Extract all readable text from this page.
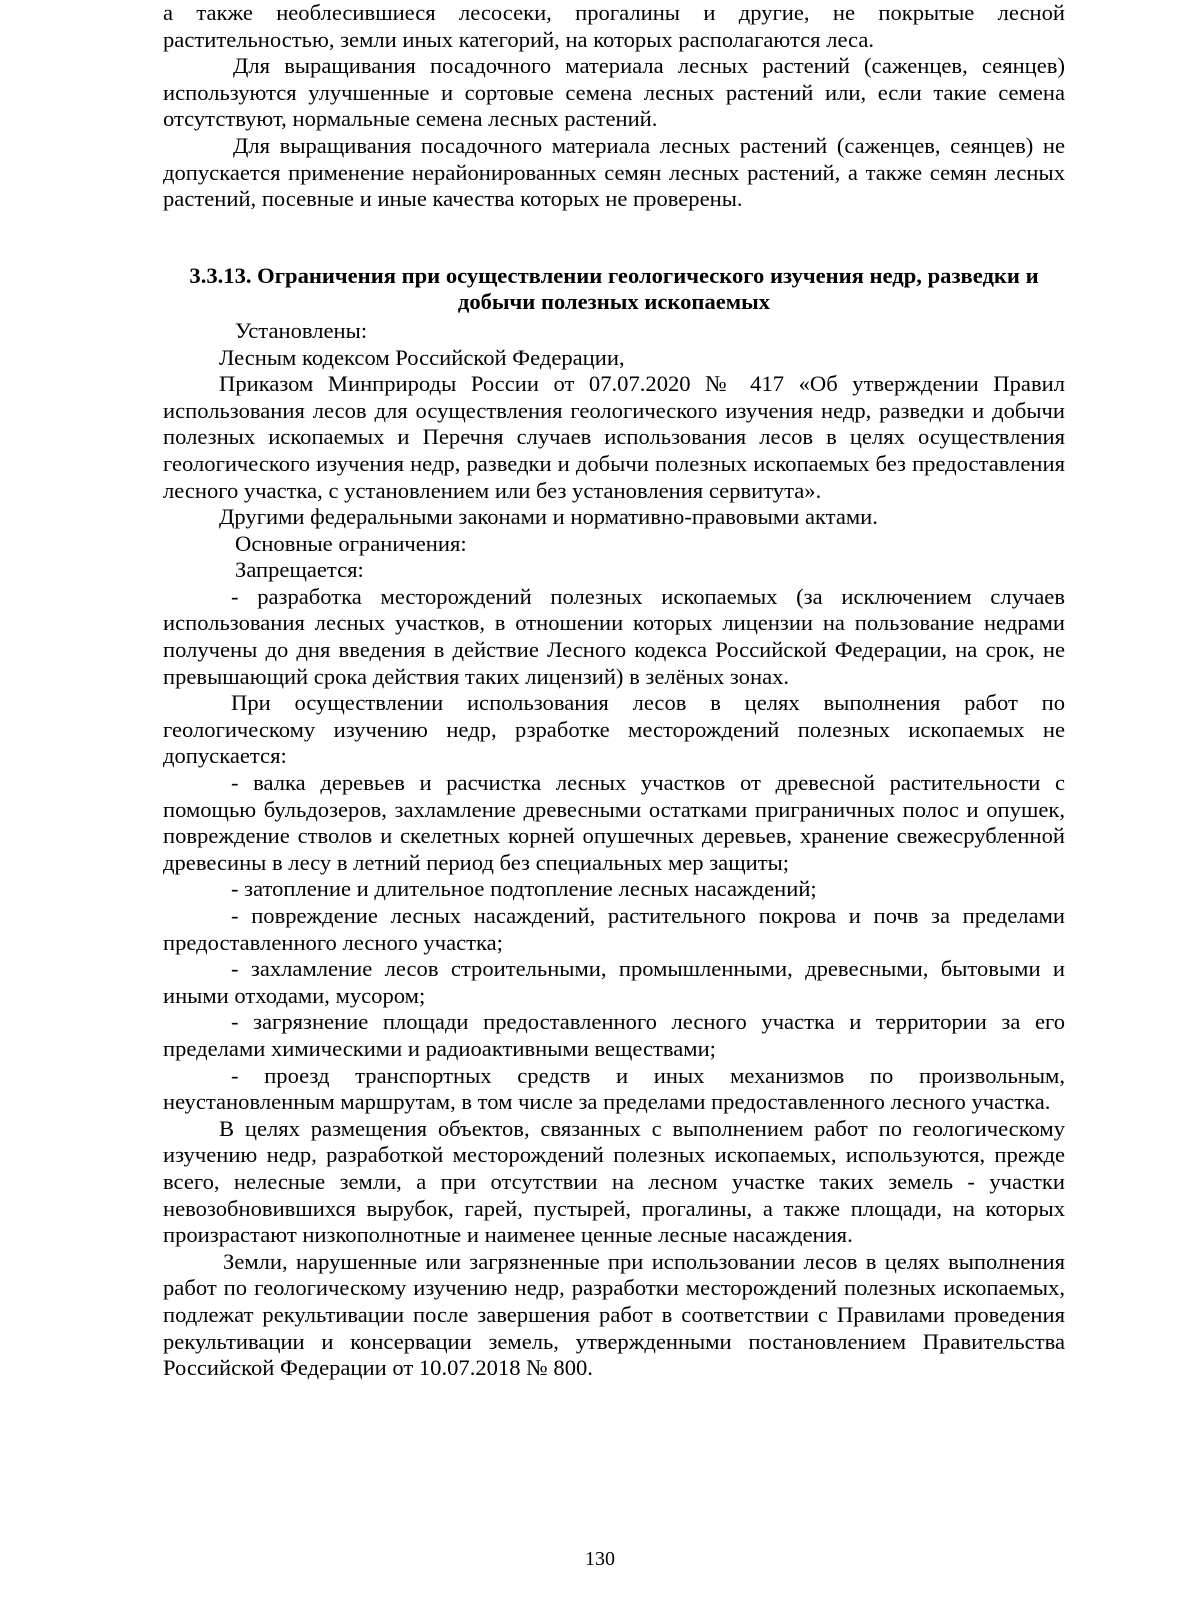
а также необлесившиеся лесосеки, прогалины и другие, не покрытые лесной растительностью, земли иных категорий, на которых располагаются леса.

Для выращивания посадочного материала лесных растений (саженцев, сеянцев) используются улучшенные и сортовые семена лесных растений или, если такие семена отсутствуют, нормальные семена лесных растений.

Для выращивания посадочного материала лесных растений (саженцев, сеянцев) не допускается применение нерайонированных семян лесных растений, а также семян лесных растений, посевные и иные качества которых не проверены.

3.3.13. Ограничения при осуществлении геологического изучения недр, разведки и добычи полезных ископаемых

Установлены:

Лесным кодексом Российской Федерации,

Приказом Минприроды России от 07.07.2020 № 417 «Об утверждении Правил использования лесов для осуществления геологического изучения недр, разведки и добычи полезных ископаемых и Перечня случаев использования лесов в целях осуществления геологического изучения недр, разведки и добычи полезных ископаемых без предоставления лесного участка, с установлением или без установления сервитута».

Другими федеральными законами и нормативно-правовыми актами.

Основные ограничения:

Запрещается:

- разработка месторождений полезных ископаемых (за исключением случаев использования лесных участков, в отношении которых лицензии на пользование недрами получены до дня введения в действие Лесного кодекса Российской Федерации, на срок, не превышающий срока действия таких лицензий) в зелёных зонах.

При осуществлении использования лесов в целях выполнения работ по геологическому изучению недр, рзработке месторождений полезных ископаемых не допускается:

- валка деревьев и расчистка лесных участков от древесной растительности с помощью бульдозеров, захламление древесными остатками приграничных полос и опушек, повреждение стволов и скелетных корней опушечных деревьев, хранение свежесрубленной древесины в лесу в летний период без специальных мер защиты;

- затопление и длительное подтопление лесных насаждений;

- повреждение лесных насаждений, растительного покрова и почв за пределами предоставленного лесного участка;

- захламление лесов строительными, промышленными, древесными, бытовыми и иными отходами, мусором;

- загрязнение площади предоставленного лесного участка и территории за его пределами химическими и радиоактивными веществами;

- проезд транспортных средств и иных механизмов по произвольным, неустановленным маршрутам, в том числе за пределами предоставленного лесного участка.

В целях размещения объектов, связанных с выполнением работ по геологическому изучению недр, разработкой месторождений полезных ископаемых, используются, прежде всего, нелесные земли, а при отсутствии на лесном участке таких земель - участки невозобновившихся вырубок, гарей, пустырей, прогалины, а также площади, на которых произрастают низкополнотные и наименее ценные лесные насаждения.

Земли, нарушенные или загрязненные при использовании лесов в целях выполнения работ по геологическому изучению недр, разработки месторождений полезных ископаемых, подлежат рекультивации после завершения работ в соответствии с Правилами проведения рекультивации и консервации земель, утвержденными постановлением Правительства Российской Федерации от 10.07.2018 № 800.

130
